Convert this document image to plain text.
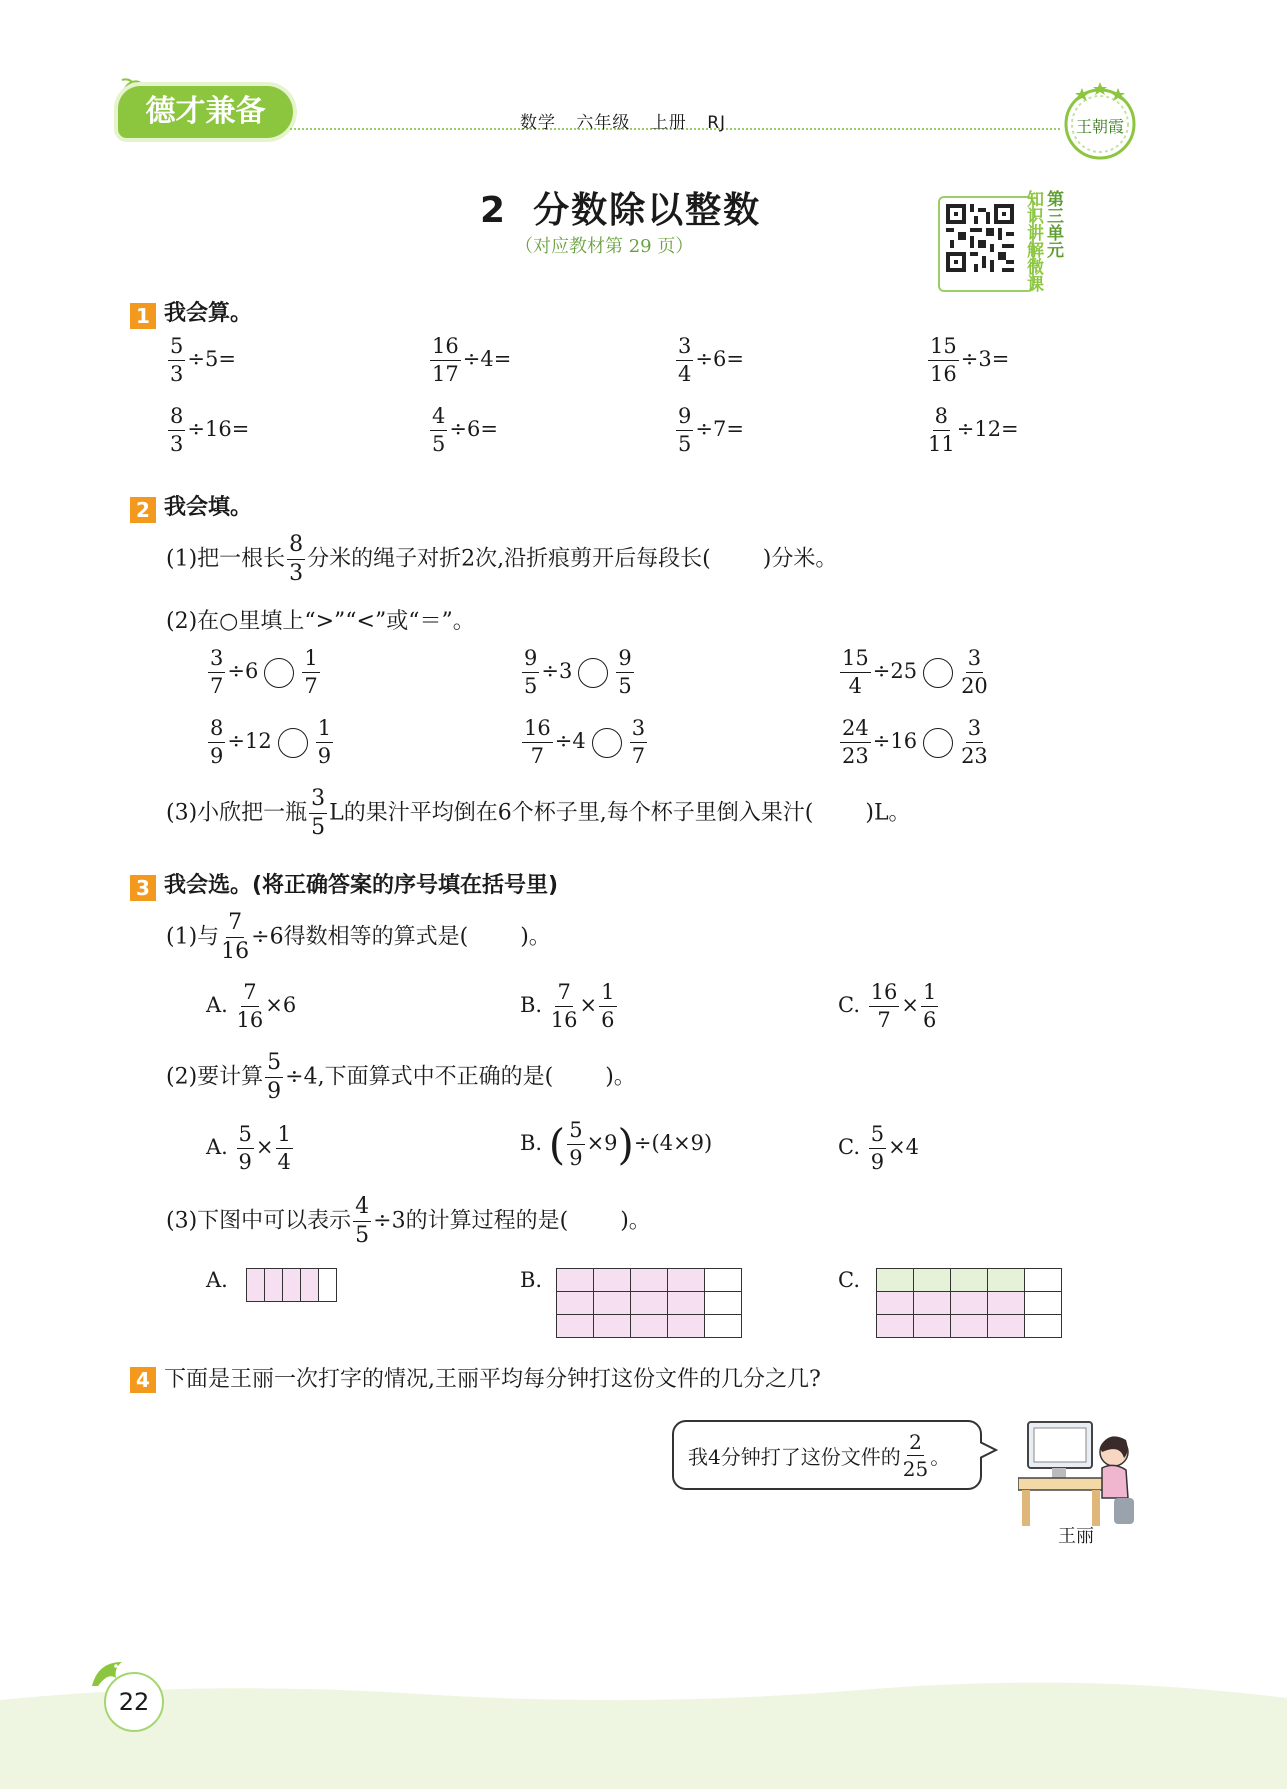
德才兼备	数学 六年级 上册 RJ	王朝霞
2 分数除以整数
（对应教材第 29 页）	知识讲解微课 第三单元
1 我会算。
$\frac{5}{3} \div 5=$	$\frac{16}{17} \div 4=$	$\frac{3}{4} \div 6=$	$\frac{15}{16} \div 3=$
$\frac{8}{3} \div 16=$	$\frac{4}{5} \div 6=$	$\frac{9}{5} \div 7=$	$\frac{8}{11} \div 12=$
2 我会填。
(1)把一根长 $\frac{8}{3}$ 分米的绳子对折2次,沿折痕剪开后每段长( )分米。
(2)在○里填上“>”“<”或“＝”。
$\frac{3}{7} \div 6 \frac{1}{7}$	$\frac{9}{5} \div 3 \frac{9}{5}$	$\frac{15}{4} \div 25 \frac{3}{20}$
$\frac{8}{9} \div 12 \frac{1}{9}$	$\frac{16}{7} \div 4 \frac{3}{7}$	$\frac{24}{23} \div 16 \frac{3}{23}$
(3)小欣把一瓶 $\frac{3}{5}$ L的果汁平均倒在6个杯子里,每个杯子里倒入果汁( )L。
3 我会选。(将正确答案的序号填在括号里)
(1)与 $\frac{7}{16} \div 6$得数相等的算式是( )。
A. $\frac{7}{16} \times 6$	B. $\frac{7}{16} \times \frac{1}{6}$	C. $\frac{16}{7} \times \frac{1}{6}$
(2)要计算 $\frac{5}{9} \div 4$,下面算式中不正确的是( )。
A. $\frac{5}{9} \times \frac{1}{4}$	B. ( $\frac{5}{9} \times 9)\div(4\times 9)$	C. $\frac{5}{9} \times 4$
(3)下图中可以表示 $\frac{4}{5} \div 3$的计算过程的是( )。
A.
					B.

					C.

4 下面是王丽一次打字的情况,王丽平均每分钟打这份文件的几分之几?
我4分钟打了这份文件的 $\frac{2}{25}$ 。
王丽
22
